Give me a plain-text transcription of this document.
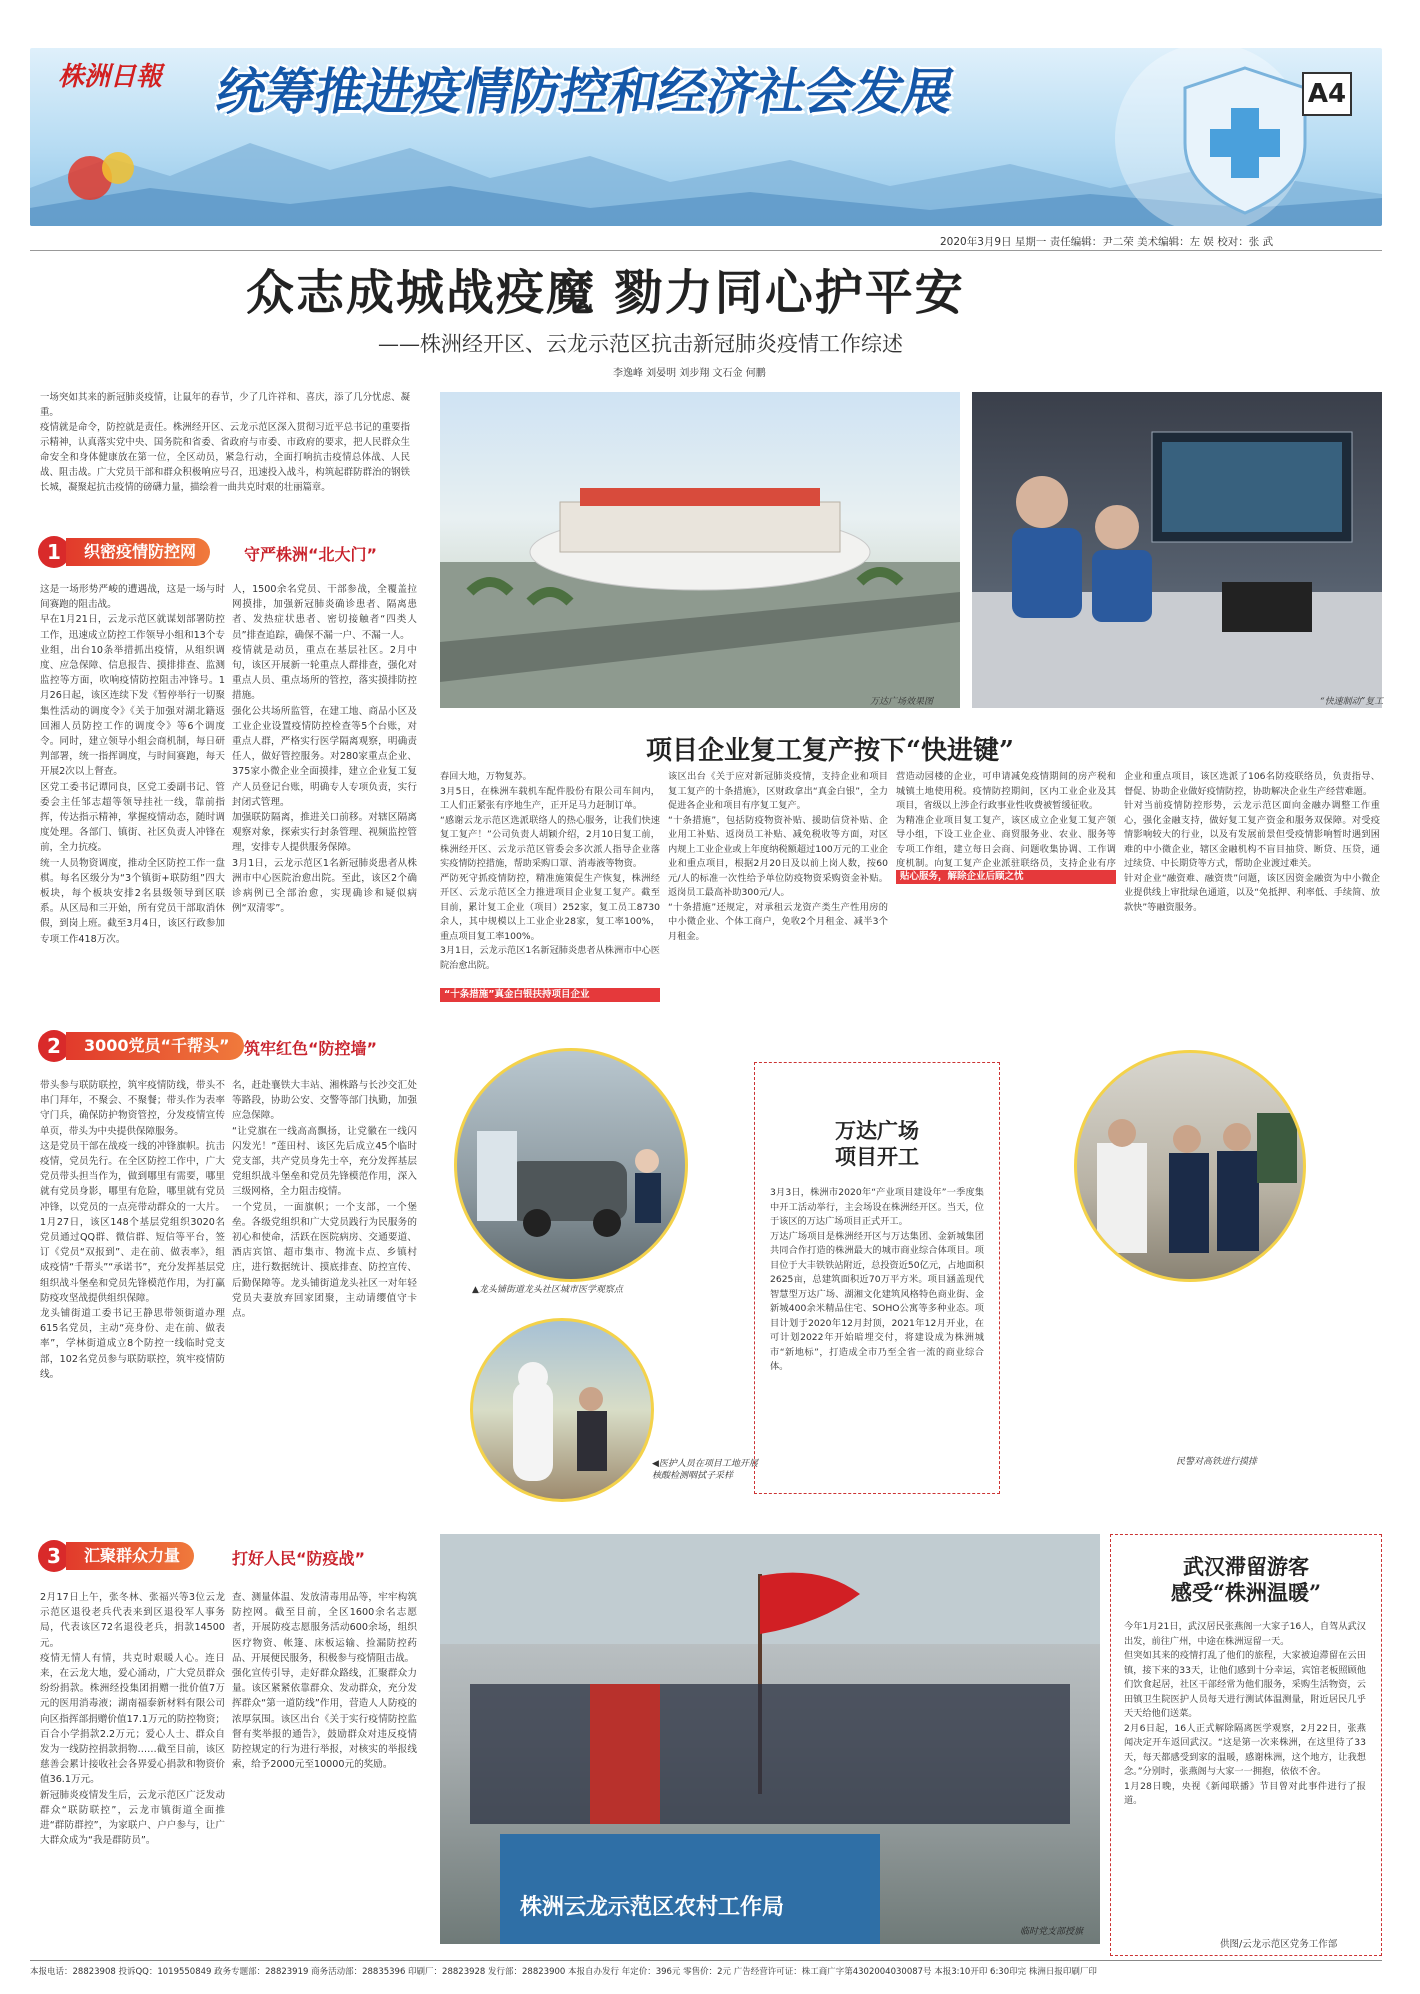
株洲日報 统筹推进疫情防控和经济社会发展	A4
2020年3月9日 星期一 责任编辑：尹二荣 美术编辑：左 娱 校对：张 武
众志成城战疫魔 勠力同心护平安
——株洲经开区、云龙示范区抗击新冠肺炎疫情工作综述
李逸峰 刘晏明 刘步翔 文石金 何鹏
一场突如其来的新冠肺炎疫情，让鼠年的春节，少了几许祥和、喜庆，添了几分忧虑、凝重。
疫情就是命令，防控就是责任。株洲经开区、云龙示范区深入贯彻习近平总书记的重要指示精神，认真落实党中央、国务院和省委、省政府与市委、市政府的要求，把人民群众生命安全和身体健康放在第一位，全区动员，紧急行动，全面打响抗击疫情总体战、人民战、阻击战。广大党员干部和群众积极响应号召，迅速投入战斗，构筑起群防群治的钢铁长城，凝聚起抗击疫情的磅礴力量，描绘着一曲共克时艰的壮丽篇章。
万达广场效果图	“快速制动”复工
1	织密疫情防控网	守严株洲“北大门”
这是一场形势严峻的遭遇战，这是一场与时间赛跑的阻击战。
早在1月21日，云龙示范区就谋划部署防控工作，迅速成立防控工作领导小组和13个专业组，出台10条举措抓出疫情，从组织调度、应急保障、信息报告、摸排排查、监测监控等方面，吹响疫情防控阻击冲锋号。1月26日起，该区连续下发《暂停举行一切聚集性活动的调度令》《关于加强对湖北籍返回湘人员防控工作的调度令》等6个调度令。同时，建立领导小组会商机制，每日研判部署，统一指挥调度，与时间赛跑，每天开展2次以上督查。
区党工委书记谭同良，区党工委副书记、管委会主任邹志超等领导挂社一线，靠前指挥，传达指示精神，掌握疫情动态，随时调度处理。各部门、镇街、社区负责人冲锋在前，全力抗疫。
统一人员物资调度，推动全区防控工作一盘棋。每名区级分为“3个镇街+联防组”四大板块，每个板块安排2名县级领导到区联系。从区局和三开始，所有党员干部取消休假，到岗上班。截至3月4日，该区行政参加专项工作418万次。
人，1500余名党员、干部参战，全覆盖拉网摸排，加强新冠肺炎确诊患者、隔离患者、发热症状患者、密切接触者“四类人员”排查追踪，确保不漏一户、不漏一人。
疫情就是动员，重点在基层社区。2月中旬，该区开展新一轮重点人群排查，强化对重点人员、重点场所的管控，落实摸排防控措施。
强化公共场所监管，在建工地、商品小区及工业企业设置疫情防控检查等5个台账，对重点人群，严格实行医学隔离观察，明确责任人，做好管控服务。对280家重点企业、375家小微企业全面摸排，建立企业复工复产人员登记台账，明确专人专项负责，实行封闭式管理。
加强联防隔离，推进关口前移。对辖区隔离观察对象，探索实行封条管理、视频监控管理，安排专人提供服务保障。
3月1日，云龙示范区1名新冠肺炎患者从株洲市中心医院治愈出院。至此，该区2个确诊病例已全部治愈，实现确诊和疑似病例“双清零”。
项目企业复工复产按下“快进键”
春回大地，万物复苏。
3月5日，在株洲车载机车配件股份有限公司车间内，工人们正紧张有序地生产，正开足马力赶制订单。
“感谢云龙示范区选派联络人的热心服务，让我们快速复工复产！”公司负责人胡颖介绍，2月10日复工前，株洲经开区、云龙示范区管委会多次派人指导企业落实疫情防控措施，帮助采购口罩、消毒液等物资。
严防死守抓疫情防控，精准施策促生产恢复，株洲经开区、云龙示范区全力推进项目企业复工复产。截至目前，累计复工企业（项目）252家，复工员工8730余人，其中规模以上工业企业28家，复工率100%，重点项目复工率100%。
3月1日，云龙示范区1名新冠肺炎患者从株洲市中心医院治愈出院。
“十条措施”真金白银扶持项目企业
该区出台《关于应对新冠肺炎疫情，支持企业和项目复工复产的十条措施》，区财政拿出“真金白银”，全力促进各企业和项目有序复工复产。
“十条措施”，包括防疫物资补贴、援助信贷补贴、企业用工补贴、返岗员工补贴、减免税收等方面，对区内规上工业企业或上年度纳税额超过100万元的工业企业和重点项目，根据2月20日及以前上岗人数，按60元/人的标准一次性给予单位防疫物资采购资金补贴。返岗员工最高补助300元/人。
“十条措施”还规定，对承租云龙资产类生产性用房的中小微企业、个体工商户，免收2个月租金、减半3个月租金。
营造动园楼的企业，可申请减免疫情期间的房产税和城镇土地使用税。疫情防控期间，区内工业企业及其项目，省级以上涉企行政事业性收费被暂缓征收。
为精准企业项目复工复产，该区成立企业复工复产领导小组，下设工业企业、商贸服务业、农业、服务等专项工作组，建立每日会商、问题收集协调、工作调度机制。向复工复产企业派驻联络员，支持企业有序
贴心服务，解除企业后顾之忧
企业和重点项目，该区选派了106名防疫联络员，负责指导、督促、协助企业做好疫情防控，协助解决企业生产经营难题。
针对当前疫情防控形势，云龙示范区面向金融办调整工作重心，强化金融支持，做好复工复产资金和服务双保障。对受疫情影响较大的行业，以及有发展前景但受疫情影响暂时遇到困难的中小微企业，辖区金融机构不盲目抽贷、断贷、压贷，通过续贷、中长期贷等方式，帮助企业渡过难关。
针对企业“融资难、融资贵”问题，该区因资金融资为中小微企业提供线上审批绿色通道，以及“免抵押、利率低、手续简、放款快”等融资服务。
2	3000党员“千帮头” 筑牢红色“防控墙”
带头参与联防联控，筑牢疫情防线，带头不串门拜年，不聚会、不聚餐；带头作为表率守门兵，确保防护物资管控，分发疫情宣传单页，带头为中央提供保障服务。
这是党员干部在战疫一线的冲锋旗帜。抗击疫情，党员先行。在全区防控工作中，广大党员带头担当作为，做到哪里有需要，哪里就有党员身影，哪里有危险，哪里就有党员冲锋，以党员的一点亮带动群众的一大片。1月27日，该区148个基层党组织3020名党员通过QQ群、微信群、短信等平台，签订《党员“双报到”、走在前、做表率》，组成疫情“千帮头”“承诺书”，充分发挥基层党组织战斗堡垒和党员先锋模范作用，为打赢防疫攻坚战提供组织保障。
龙头铺街道工委书记王静思带领街道办理615名党员，主动“亮身份、走在前、做表率”，学林街道成立8个防控一线临时党支部，102名党员参与联防联控，筑牢疫情防线。
名，赶赴襄铁大丰站、湘株路与长沙交汇处等路段，协助公安、交警等部门执勤，加强应急保障。
“让党旗在一线高高飘扬，让党徽在一线闪闪发光！”莲田村、该区先后成立45个临时党支部，共产党员身先士卒，充分发挥基层党组织战斗堡垒和党员先锋模范作用，深入三级网格，全力阻击疫情。
一个党员，一面旗帜；一个支部，一个堡垒。各级党组织和广大党员践行为民服务的初心和使命，活跃在医院病房、交通要道、酒店宾馆、超市集市、物流卡点、乡镇村庄，进行数据统计、摸底排查、防控宣传、后勤保障等。龙头铺街道龙头社区一对年轻党员夫妻放弃回家团聚，主动请缨值守卡点。
▲龙头铺街道龙头社区城市医学观察点
◀医护人员在项目工地开展核酸检测咽拭子采样
万达广场
项目开工
3月3日，株洲市2020年“产业项目建设年”一季度集中开工活动举行，主会场设在株洲经开区。当天，位于该区的万达广场项目正式开工。
万达广场项目是株洲经开区与万达集团、金新城集团共同合作打造的株洲最大的城市商业综合体项目。项目位于大丰铁铁站附近，总投资近50亿元，占地面积2625亩，总建筑面积近70万平方米。项目涵盖现代智慧型万达广场、湖湘文化建筑风格特色商业街、金新城400余米精品住宅、SOHO公寓等多种业态。项目计划于2020年12月封顶，2021年12月开业，在可计划2022年开始暗埋交付，将建设成为株洲城市“新地标”，打造成全市乃至全省一流的商业综合体。
民警对高铁进行摸排
3	汇聚群众力量	打好人民“防疫战”
2月17日上午，张冬林、张福兴等3位云龙示范区退役老兵代表来到区退役军人事务局，代表该区72名退役老兵，捐款14500元。
疫情无情人有情，共克时艰暖人心。连日来，在云龙大地，爱心涌动，广大党员群众纷纷捐款。株洲经投集团捐赠一批价值7万元的医用消毒液；湖南福泰新材料有限公司向区指挥部捐赠价值17.1万元的防控物资；百合小学捐款2.2万元；爱心人士、群众自发为一线防控捐款捐物……截至目前，该区慈善会累计接收社会各界爱心捐款和物资价值36.1万元。
新冠肺炎疫情发生后，云龙示范区广泛发动群众“联防联控”，云龙市镇街道全面推进“群防群控”，为家联户、户户参与，让广大群众成为“我是群防员”。
查、测量体温、发放清毒用品等，牢牢构筑防控网。截至目前，全区1600余名志愿者，开展防疫志愿服务活动600余场，组织医疗物资、帐篷、床板运输、捡漏防控药品、开展便民服务，积极参与疫情阻击战。
强化宣传引导，走好群众路线，汇聚群众力量。该区紧紧依靠群众、发动群众，充分发挥群众“第一道防线”作用，营造人人防疫的浓厚氛围。该区出台《关于实行疫情防控监督有奖举报的通告》，鼓励群众对违反疫情防控规定的行为进行举报，对核实的举报线索，给予2000元至10000元的奖励。
株洲云龙示范区农村工作局
临时党支部授旗
武汉滞留游客
感受“株洲温暖”
今年1月21日，武汉居民张燕阁一大家子16人，自驾从武汉出发，前往广州，中途在株洲逗留一天。
但突如其来的疫情打乱了他们的旅程，大家被迫滞留在云田镇，接下来的33天，让他们感到十分幸运，宾馆老板照顾他们饮食起居，社区干部经常为他们服务，采购生活物资，云田镇卫生院医护人员每天进行测试体温测量，附近居民几乎天天给他们送菜。
2月6日起，16人正式解除隔离医学观察，2月22日，张燕闻决定开车返回武汉。“这是第一次来株洲，在这里待了33天，每天都感受到家的温暖，感谢株洲，这个地方，让我想念。”分别时，张燕阁与大家一一拥抱，依依不舍。
1月28日晚，央视《新闻联播》节目曾对此事件进行了报道。
供图/云龙示范区党务工作部
本报电话：28823908 投诉QQ：1019550849 政务专题部：28823919 商务活动部：28835396 印刷厂：28823928 发行部：28823900 本报自办发行 年定价：396元 零售价：2元 广告经营许可证：株工商广字第4302004030087号 本报3:10开印 6:30印完 株洲日报印刷厂印
